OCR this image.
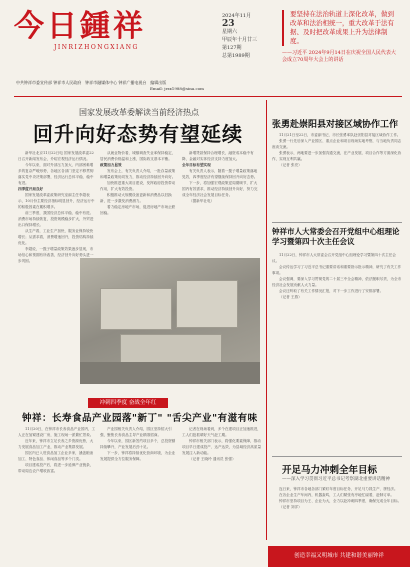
今日鍾祥
JINRIZHONGXIANG
中共钟祥市委宣传部 钟祥市人民政府 钟祥市融媒体中心 钟祥广播电视台 编辑出版
Email: jrzx1988@sina.com
2024年11月
23
星期六
甲辰年十月廿三
第127期
总第1989期
要坚持在法治轨道上深化改革，做到改革和法治相统一，重大改革于法有据、及时把改革成果上升为法律制度。
——习近平 2024年9月14日在庆祝全国人民代表大会成立70周年大会上的讲话
国家发展改革委解读当前经济热点
回升向好态势有望延续

新华社北京11月22日电 国家发展改革委22日召开新闻发布会，介绍宏观经济运行情况。

今年以来，面对外部压力加大、内部困难增多的复杂严峻形势，各地区各部门坚定不移贯彻落实党中央决策部署，经济运行总体平稳、稳中有进。

四季度开局良好

国家发展改革委政策研究室副主任李超表示，10月份主要经济指标明显回升，经济运行中的积极因素在累积增多。

前三季度，我国经济总体平稳、稳中有进。消费市场持续恢复，投资规模稳步扩大，外贸进出口保持增长。

从生产看，工业生产加快，服务业保持较快增长；从需求看，消费增速回升，投资结构持续优化。

李超说，一揽子增量政策效果逐步显现，市场信心和预期有所改善，经济回升向好势头进一步巩固。

从就业物价看，城镇调查失业率保持稳定，居民消费价格温和上涨，国际收支基本平衡。

政策加力显效

发布会上，有关负责人介绍，一批存量政策和增量政策协同发力，推动经济持续回升向好。

加快推进重大项目建设，发挥政府投资带动作用，扩大有效投资。

积极推动大规模设备更新和消费品以旧换新，进一步激发消费潜力。

着力稳定房地产市场，促进房地产市场止跌回稳。

新增贷款保持合理增长，融资成本稳中有降，金融对实体经济支持力度加大。

全年目标有望实现

有关负责人表示，随着一揽子增量政策落地见效，四季度经济有望继续保持回升向好态势。

下一步，将加强宏观政策逆周期调节，扩大国内有效需求，推动经济持续回升向好，努力完成全年经济社会发展目标任务。

（据新华社电）

冲刺四季度 奋战全年红
钟祥：长寿食品产业园落"新丁" "舌尖产业"有滋有味

11月20日，在钟祥市长寿食品产业园内，工人正在加紧建设厂房，施工现场一派繁忙景象。

近年来，钟祥市立足长寿之乡资源优势，大力发展食品加工产业，推动产业集群发展。

园区内已入驻食品加工企业多家，涵盖粮油加工、特色食品、休闲食品等多个门类。

项目建成投产后，将进一步延伸产业链条，带动周边农户增收致富。

产业园相关负责人介绍，园区坚持招大引强，聚焦长寿食品主导产业精准招商。

今年以来，园区新签约项目多个，总投资额持续攀升，产业发展后劲十足。

下一步，钟祥将持续优化营商环境，为企业发展提供全方位服务保障。

记者在现场看到，多个在建项目正加速推进，工人们抢抓晴好天气赶工期。

钟祥市相关部门表示，将强化要素保障，推动项目早日建成投产、达产达效，为县域经济高质量发展注入新动能。

（记者 王晓玲 通讯员 张强）

张勇赴崇阳县对接区域协作工作

11月21日至22日，市委副书记、市长张勇率队赴崇阳县对接区域协作工作。

张勇一行先后深入产业园区、重点企业和项目现场实地考察，与当地负责同志座谈交流。

张勇表示，两地要进一步加强沟通交流，在产业发展、项目合作等方面深化协作，实现互利共赢。

（记者 张亮）

钟祥市人大常委会召开党组中心组理论学习暨第四十次主任会议

11月22日，钟祥市人大常委会召开党组中心组理论学习暨第四十次主任会议。

会议传达学习了习近平总书记重要讲话和重要指示批示精神，研究了有关工作事项。

会议强调，要深入学习贯彻党的二十届三中全会精神，依法履职尽责，为全市经济社会发展贡献人大力量。

会议还听取了有关工作情况汇报，对下一步工作进行了安排部署。

（记者 王燕）

开足马力冲刺全年目标
——深入学习贯彻习近平总书记考察湖北重要讲话精神

连日来，钟祥市各地各部门紧盯年度目标任务，开足马力抓生产、拼经济。

在各企业生产车间内，机器轰鸣，工人们紧张有序地忙碌着，赶制订单。

钟祥市坚持项目为王、企业为大，全力以赴冲刺四季度，确保完成全年目标。

（记者 刘洋）

创造幸福又明城市 共建和谐美丽钟祥
